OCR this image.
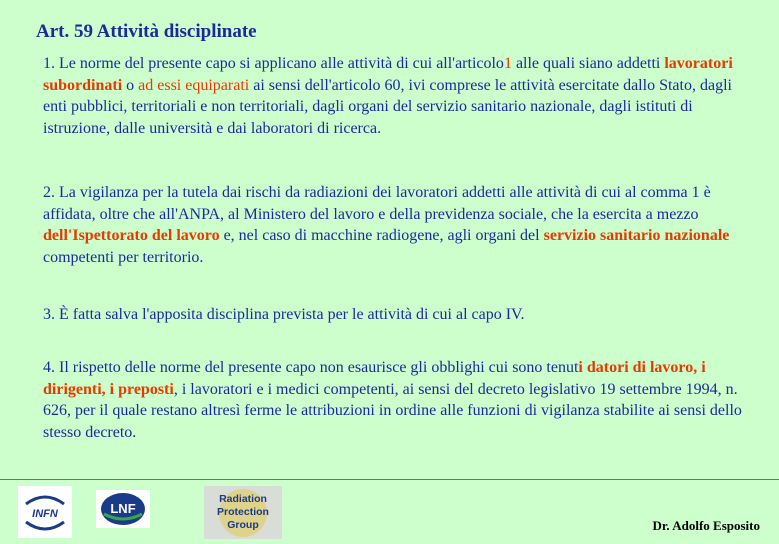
Art. 59 Attività disciplinate
1. Le norme del presente capo si applicano alle attività di cui all'articolo1 alle quali siano addetti lavoratori subordinati o ad essi equiparati ai sensi dell'articolo 60, ivi comprese le attività esercitate dallo Stato, dagli enti pubblici, territoriali e non territoriali, dagli organi del servizio sanitario nazionale, dagli istituti di istruzione, dalle università e dai laboratori di ricerca.
2. La vigilanza per la tutela dai rischi da radiazioni dei lavoratori addetti alle attività di cui al comma 1 è affidata, oltre che all'ANPA, al Ministero del lavoro e della previdenza sociale, che la esercita a mezzo dell'Ispettorato del lavoro e, nel caso di macchine radiogene, agli organi del servizio sanitario nazionale competenti per territorio.
3. È fatta salva l'apposita disciplina prevista per le attività di cui al capo IV.
4. Il rispetto delle norme del presente capo non esaurisce gli obblighi cui sono tenuti datori di lavoro, i dirigenti, i preposti, i lavoratori e i medici competenti, ai sensi del decreto legislativo 19 settembre 1994, n. 626, per il quale restano altresì ferme le attribuzioni in ordine alle funzioni di vigilanza stabilite ai sensi dello stesso decreto.
INFN	LNF
Radiation
Protection
Group	Dr. Adolfo Esposito
